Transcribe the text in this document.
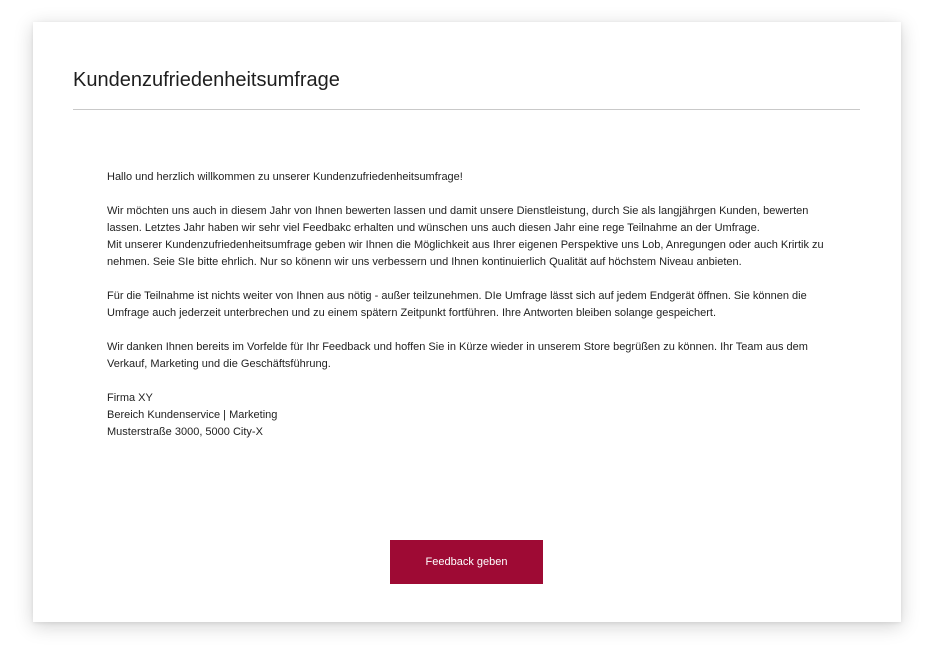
Kundenzufriedenheitsumfrage

Hallo und herzlich willkommen zu unserer Kundenzufriedenheitsumfrage!

Wir möchten uns auch in diesem Jahr von Ihnen bewerten lassen und damit unsere Dienstleistung, durch Sie als langjährgen Kunden, bewerten lassen. Letztes Jahr haben wir sehr viel Feedbakc erhalten und wünschen uns auch diesen Jahr eine rege Teilnahme an der Umfrage.

Mit unserer Kundenzufriedenheitsumfrage geben wir Ihnen die Möglichkeit aus Ihrer eigenen Perspektive uns Lob, Anregungen oder auch Krirtik zu nehmen. Seie SIe bitte ehrlich. Nur so könenn wir uns verbessern und Ihnen kontinuierlich Qualität auf höchstem Niveau anbieten.

Für die Teilnahme ist nichts weiter von Ihnen aus nötig - außer teilzunehmen. DIe Umfrage lässt sich auf jedem Endgerät öffnen. Sie können die Umfrage auch jederzeit unterbrechen und zu einem spätern Zeitpunkt fortführen. Ihre Antworten bleiben solange gespeichert.

Wir danken Ihnen bereits im Vorfelde für Ihr Feedback und hoffen Sie in Kürze wieder in unserem Store begrüßen zu können. Ihr Team aus dem Verkauf, Marketing und die Geschäftsführung.

Firma XY

Bereich Kundenservice | Marketing

Musterstraße 3000, 5000 City-X

Feedback geben
